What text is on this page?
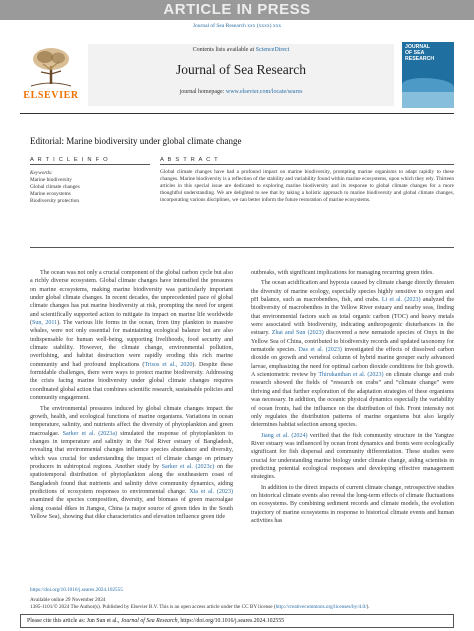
ARTICLE IN PRESS
Journal of Sea Research xxx (xxxx) xxx
ELSEVIER
Contents lists available at ScienceDirect
Journal of Sea Research
journal homepage: www.elsevier.com/locate/seares
JOURNAL OF SEA RESEARCH
Editorial: Marine biodiversity under global climate change
A R T I C L E I N F O	A B S T R A C T
Keywords:
Marine biodiversity
Global climate changes
Marine ecosystems
Biodiversity protection
Global climate changes have had a profound impact on marine biodiversity, prompting marine organisms to adapt rapidly to these changes. Marine biodiversity is a reflection of the stability and variability found within marine ecosystems, upon which they rely. Thirteen articles in this special issue are dedicated to exploring marine biodiversity and its response to global climate changes for a more thoughtful understanding. We are delighted to see that by taking a holistic approach to marine biodiversity and global climate changes, incorporating various disciplines, we can better inform the future restoration of marine ecosystems.

The ocean was not only a crucial component of the global carbon cycle but also a richly diverse ecosystem. Global climate changes have intensified the pressures on marine ecosystems, making marine biodiversity was particularly important under global climate changes. In recent decades, the unprecedented pace of global climate changes has put marine biodiversity at risk, prompting the need for urgent and scientifically supported action to mitigate its impact on marine life worldwide (Sun, 2011). The various life forms in the ocean, from tiny plankton to massive whales, were not only essential for maintaining ecological balance but are also indispensable for human well-being, supporting livelihoods, food security and climate stability. However, the climate change, environmental pollution, overfishing, and habitat destruction were rapidly eroding this rich marine community and had profound implications (Trisos et al., 2020). Despite these formidable challenges, there were ways to protect marine biodiversity. Addressing the crisis facing marine biodiversity under global climate changes requires coordinated global action that combines scientific research, sustainable policies and community engagement.

The environmental pressures induced by global climate changes impact the growth, health, and ecological functions of marine organisms. Variations in ocean temperature, salinity, and nutrients affect the diversity of phytoplankton and green macroalgae. Sarker et al. (2023a) simulated the response of phytoplankton to changes in temperature and salinity in the Naf River estuary of Bangladesh, revealing that environmental changes influence species abundance and diversity, which was crucial for understanding the impact of climate change on primary producers in subtropical regions. Another study by Sarker et al. (2023c) on the spatiotemporal distribution of phytoplankton along the southeastern coast of Bangladesh found that nutrients and salinity drive community dynamics, aiding predictions of ecosystem responses to environmental change. Xia et al. (2023) examined the species composition, diversity, and biomass of green macroalgae along coastal dikes in Jiangsu, China (a major source of green tides in the South Yellow Sea), showing that dike characteristics and elevation influence green tide

outbreaks, with significant implications for managing recurring green tides.

The ocean acidification and hypoxia caused by climate change directly threaten the diversity of marine ecology, especially species highly sensitive to oxygen and pH balance, such as macrobenthos, fish, and crabs. Li et al. (2023) analyzed the biodiversity of macrobenthos in the Yellow River estuary and nearby seas, finding that environmental factors such as total organic carbon (TOC) and heavy metals were associated with biodiversity, indicating anthropogenic disturbances in the estuary. Zhai and Sun (2023) discovered a new nematode species of Onyx in the Yellow Sea of China, contributed to biodiversity records and updated taxonomy for nematode species. Das et al. (2023) investigated the effects of dissolved carbon dioxide on growth and vertebral column of hybrid marine grouper early advanced larvae, emphasizing the need for optimal carbon dioxide conditions for fish growth. A scientometric review by Thirukanthan et al. (2023) on climate change and crab research showed the fields of “research on crabs” and “climate change” were thriving and that further exploration of the adaptation strategies of these organisms was necessary. In addition, the oceanic physical dynamics especially the variability of ocean fronts, had the influence on the distribution of fish. Front intensity not only regulates the distribution patterns of marine organisms but also largely determines habitat selection among species.

Jiang et al. (2024) verified that the fish community structure in the Yangtze River estuary was influenced by ocean front dynamics and fronts were ecologically significant for fish dispersal and community differentiation. These studies were crucial for understanding marine biology under climate change, aiding scientists in predicting potential ecological responses and developing effective management strategies.

In addition to the direct impacts of current climate change, retrospective studies on historical climate events also reveal the long-term effects of climate fluctuations on ecosystems. By combining sediment records and climate models, the evolution trajectory of marine ecosystems in response to historical climate events and human activities has

https://doi.org/10.1016/j.seares.2024.102555
Available online 29 November 2024
1385-1101/© 2024 The Author(s). Published by Elsevier B.V. This is an open access article under the CC BY license (http://creativecommons.org/licenses/by/4.0/).
Please cite this article as: Jun Sun et al., Journal of Sea Research, https://doi.org/10.1016/j.seares.2024.102555
